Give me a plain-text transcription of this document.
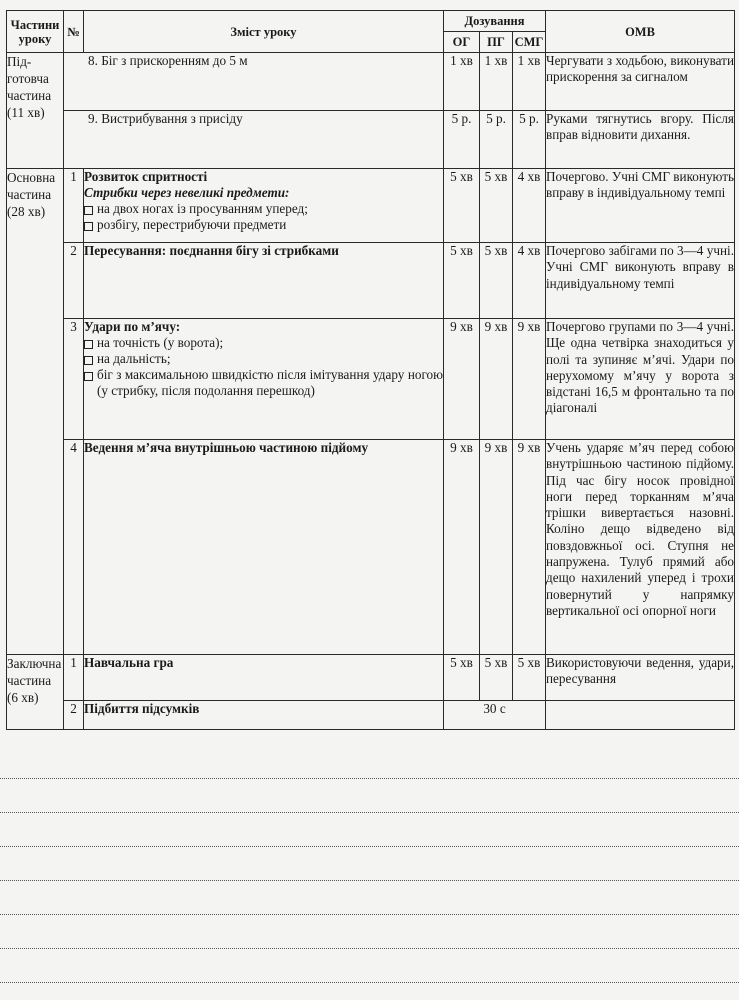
Частини уроку	№	Зміст уроку	Дозування			ОМВ
			ОГ	ПГ	СМГ	
Підготовча частина (11 хв)	8. Біг з прискоренням до 5 м		1 хв	1 хв	1 хв	Чергувати з ходьбою, виконувати прискорення за сигналом
	9. Вистрибування з присіду		5 р.	5 р.	5 р.	Руками тягнутись вгору. Після вправ відновити дихання.
Основна частина (28 хв)	1	Розвиток спритності
Стрибки через невеликі предмети:
на двох ногах із просуванням уперед;
розбігу, перестрибуючи предмети	5 хв	5 хв	4 хв	Почергово. Учні СМГ виконують вправу в індивідуальному темпі
	2	Пересування: поєднання бігу зі стрибками	5 хв	5 хв	4 хв	Почергово забігами по 3—4 учні. Учні СМГ виконують вправу в індивідуальному темпі
	3	Удари по м’ячу:
на точність (у ворота);
на дальність;
біг з максимальною швидкістю після імітування удару ногою (у стрибку, після подолання перешкод)	9 хв	9 хв	9 хв	Почергово групами по 3—4 учні. Ще одна четвірка знаходиться у полі та зупиняє м’ячі. Удари по нерухомому м’ячу у ворота з відстані 16,5 м фронтально та по діагоналі
	4	Ведення м’яча внутрішньою частиною підйому	9 хв	9 хв	9 хв	Учень ударяє м’яч перед собою внутрішньою частиною підйому. Під час бігу носок провідної ноги перед торканням м’яча трішки вивертається назовні. Коліно дещо відведено від повздовжньої осі. Ступня не напружена. Тулуб прямий або дещо нахилений уперед і трохи повернутий у напрямку вертикальної осі опорної ноги
Заключна частина (6 хв)	1	Навчальна гра	5 хв	5 хв	5 хв	Використовуючи ведення, удари, пересування
	2	Підбиття підсумків	30 с			
